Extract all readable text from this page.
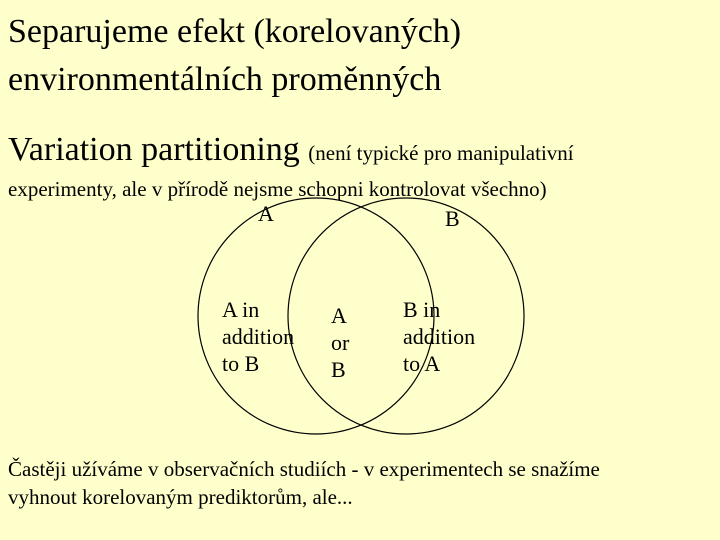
Separujeme efekt (korelovaných)
environmentálních proměnných
Variation partitioning (není typické pro manipulativní
experimenty, ale v přírodě nejsme schopni kontrolovat všechno)
A	B
A in
addition
to B
A
or
B
B in
addition
to A
Častěji užíváme v observačních studiích - v experimentech se snažíme
vyhnout korelovaným prediktorům, ale...
